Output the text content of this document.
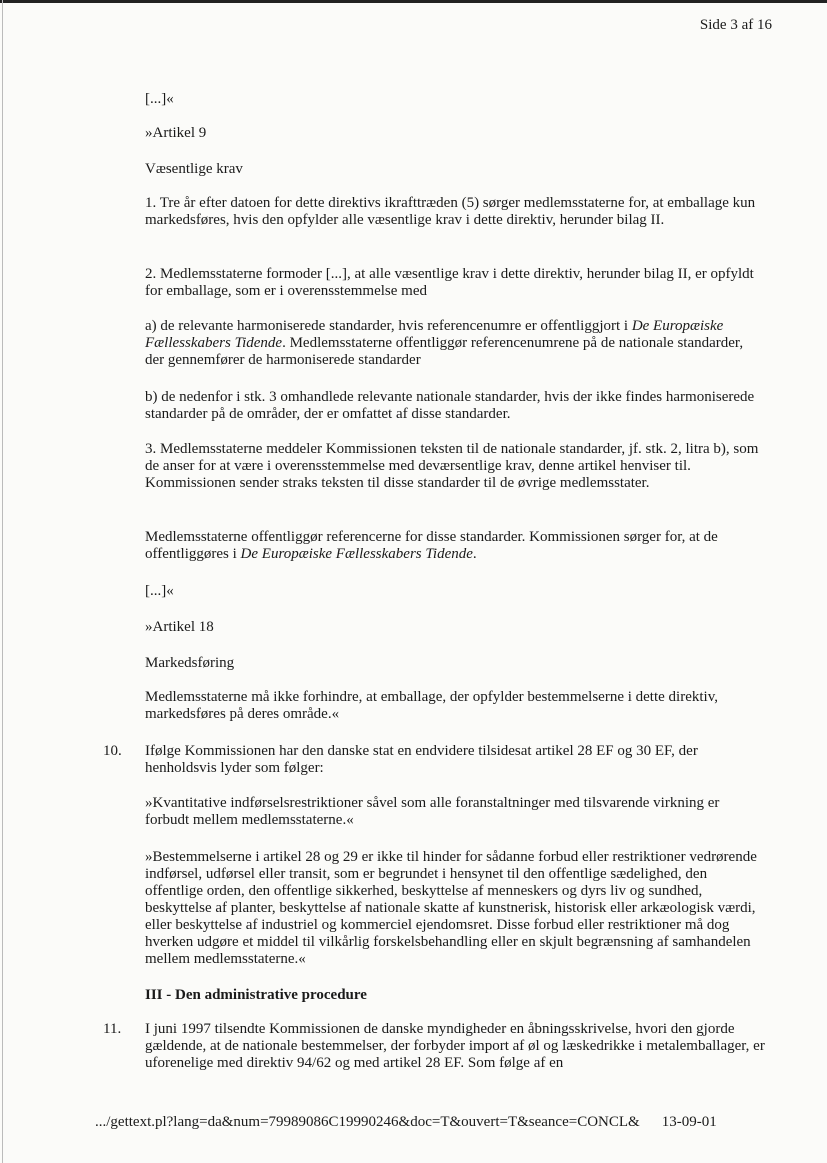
Side 3 af 16

[...]«

»Artikel 9

Væsentlige krav

1. Tre år efter datoen for dette direktivs ikrafttræden (5) sørger medlemsstaterne for, at emballage kun markedsføres, hvis den opfylder alle væsentlige krav i dette direktiv, herunder bilag II.

2. Medlemsstaterne formoder [...], at alle væsentlige krav i dette direktiv, herunder bilag II, er opfyldt for emballage, som er i overensstemmelse med

a) de relevante harmoniserede standarder, hvis referencenumre er offentliggjort i De Europæiske Fællesskabers Tidende. Medlemsstaterne offentliggør referencenumrene på de nationale standarder, der gennemfører de harmoniserede standarder

b) de nedenfor i stk. 3 omhandlede relevante nationale standarder, hvis der ikke findes harmoniserede standarder på de områder, der er omfattet af disse standarder.

3. Medlemsstaterne meddeler Kommissionen teksten til de nationale standarder, jf. stk. 2, litra b), som de anser for at være i overensstemmelse med deværsentlige krav, denne artikel henviser til. Kommissionen sender straks teksten til disse standarder til de øvrige medlemsstater.

Medlemsstaterne offentliggør referencerne for disse standarder. Kommissionen sørger for, at de offentliggøres i De Europæiske Fællesskabers Tidende.

[...]«

»Artikel 18

Markedsføring

Medlemsstaterne må ikke forhindre, at emballage, der opfylder bestemmelserne i dette direktiv, markedsføres på deres område.«

10. Ifølge Kommissionen har den danske stat en endvidere tilsidesat artikel 28 EF og 30 EF, der henholdsvis lyder som følger:

»Kvantitative indførselsrestriktioner såvel som alle foranstaltninger med tilsvarende virkning er forbudt mellem medlemsstaterne.«

»Bestemmelserne i artikel 28 og 29 er ikke til hinder for sådanne forbud eller restriktioner vedrørende indførsel, udførsel eller transit, som er begrundet i hensynet til den offentlige sædelighed, den offentlige orden, den offentlige sikkerhed, beskyttelse af menneskers og dyrs liv og sundhed, beskyttelse af planter, beskyttelse af nationale skatte af kunstnerisk, historisk eller arkæologisk værdi, eller beskyttelse af industriel og kommerciel ejendomsret. Disse forbud eller restriktioner må dog hverken udgøre et middel til vilkårlig forskelsbehandling eller en skjult begrænsning af samhandelen mellem medlemsstaterne.«

III - Den administrative procedure

11. I juni 1997 tilsendte Kommissionen de danske myndigheder en åbningsskrivelse, hvori den gjorde gældende, at de nationale bestemmelser, der forbyder import af øl og læskedrikke i metalemballager, er uforenelige med direktiv 94/62 og med artikel 28 EF. Som følge af en

.../gettext.pl?lang=da&num=79989086C19990246&doc=T&ouvert=T&seance=CONCL& 13-09-01
